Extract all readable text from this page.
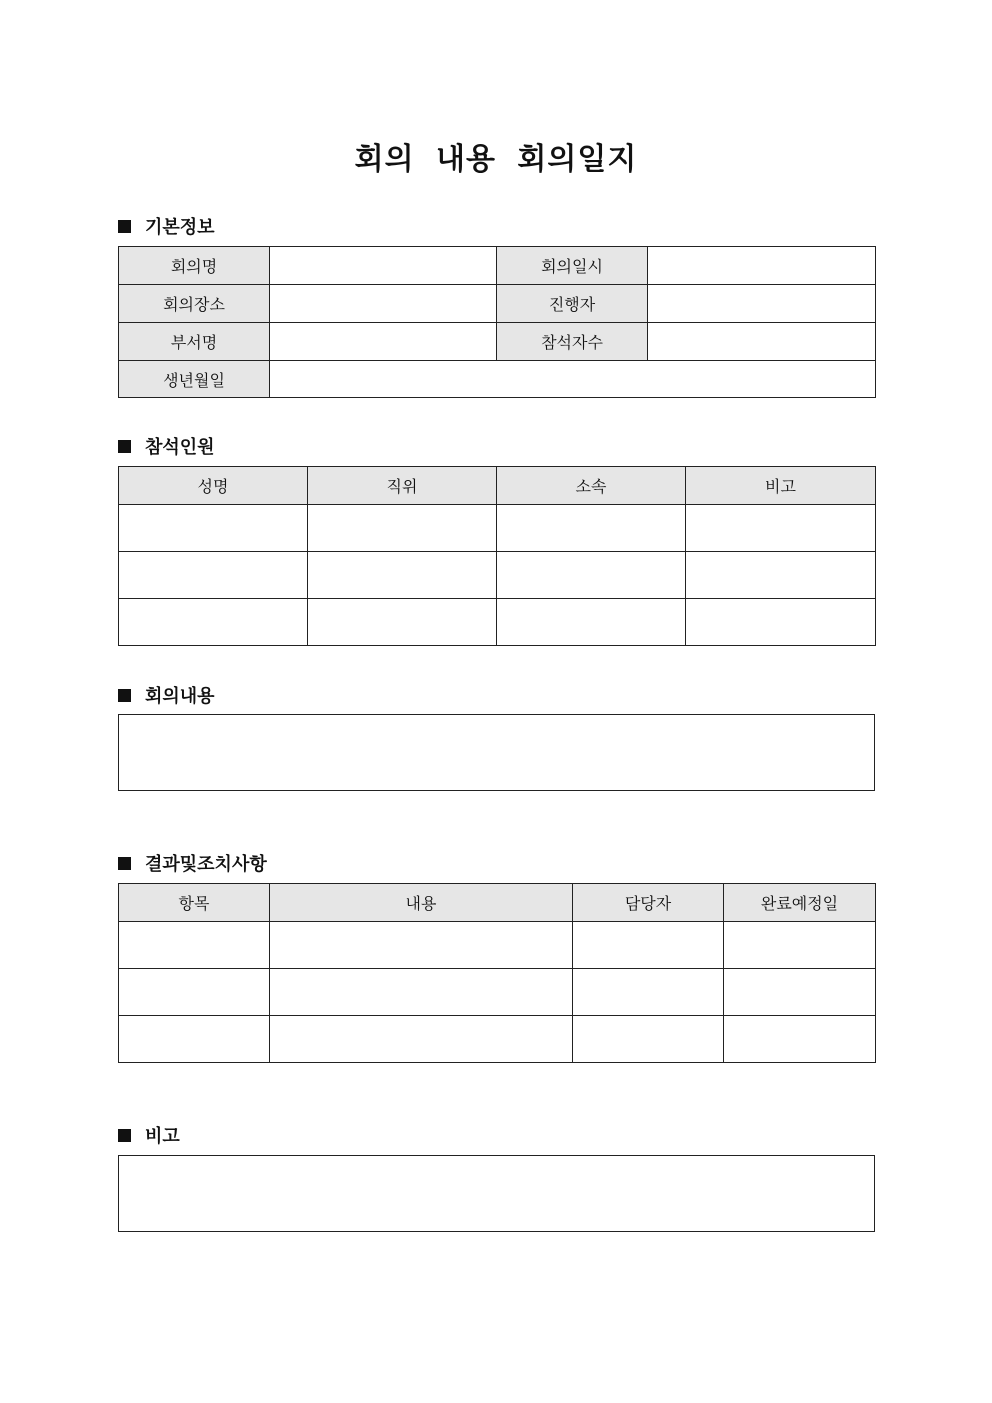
회의 내용 회의일지
기본정보
회의명		회의일시	
회의장소		진행자	
부서명		참석자수	
생년월일			
참석인원
성명	직위	소속	비고

회의내용
결과및조치사항
항목	내용	담당자	완료예정일

비고
